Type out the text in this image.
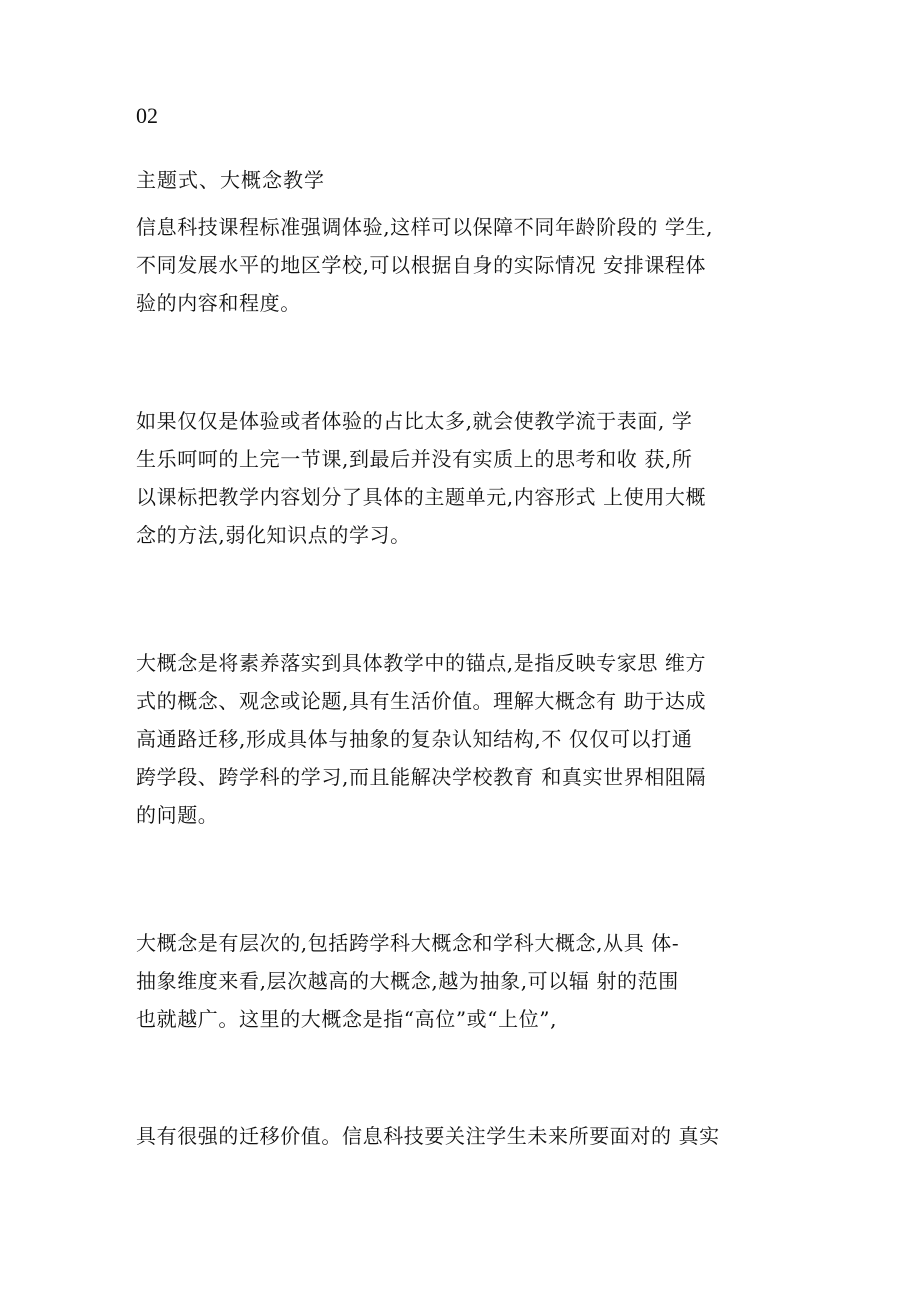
02
主题式、大概念教学
信息科技课程标准强调体验,这样可以保障不同年龄阶段的 学生,
不同发展水平的地区学校,可以根据自身的实际情况 安排课程体
验的内容和程度。
如果仅仅是体验或者体验的占比太多,就会使教学流于表面, 学
生乐呵呵的上完一节课,到最后并没有实质上的思考和收 获,所
以课标把教学内容划分了具体的主题单元,内容形式 上使用大概
念的方法,弱化知识点的学习。
大概念是将素养落实到具体教学中的锚点,是指反映专家思 维方
式的概念、观念或论题,具有生活价值。理解大概念有 助于达成
高通路迁移,形成具体与抽象的复杂认知结构,不 仅仅可以打通
跨学段、跨学科的学习,而且能解决学校教育 和真实世界相阻隔
的问题。
大概念是有层次的,包括跨学科大概念和学科大概念,从具 体-
抽象维度来看,层次越高的大概念,越为抽象,可以辐 射的范围
也就越广。这里的大概念是指“高位”或“上位”,
具有很强的迁移价值。信息科技要关注学生未来所要面对的 真实
